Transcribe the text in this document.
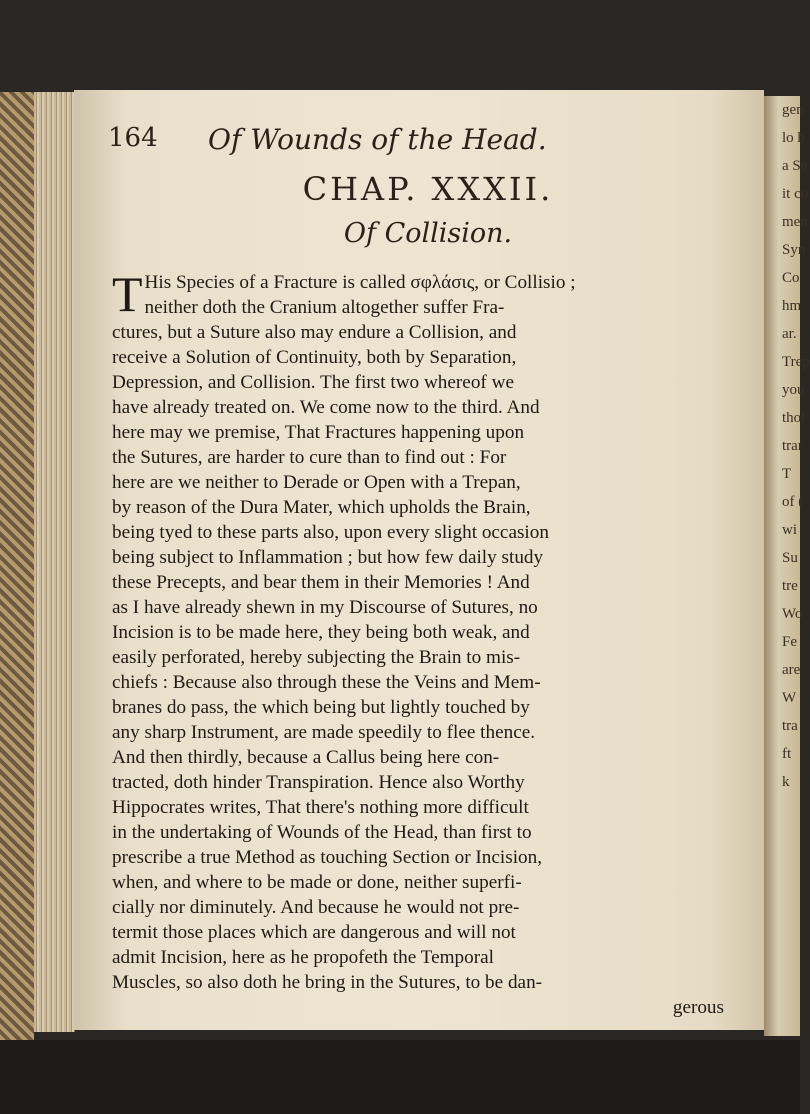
gen
lo h
a Se
it co
men
Syn
Co
hm
ar.
Trep
you
thol
trar
T
of (
wi
Su
tre
Wo
Fe
are
W
tra
ft
k
164 Of Wounds of the Head.
CHAP. XXXII.
Of Collision.
T His Species of a Fracture is called σφλάσις, or Collisio ;
neither doth the Cranium altogether suffer Fra-
ctures, but a Suture also may endure a Collision, and
receive a Solution of Continuity, both by Separation,
Depression, and Collision. The first two whereof we
have already treated on. We come now to the third. And
here may we premise, That Fractures happening upon
the Sutures, are harder to cure than to find out : For
here are we neither to Derade or Open with a Trepan,
by reason of the Dura Mater, which upholds the Brain,
being tyed to these parts also, upon every slight occasion
being subject to Inflammation ; but how few daily study
these Precepts, and bear them in their Memories ! And
as I have already shewn in my Discourse of Sutures, no
Incision is to be made here, they being both weak, and
easily perforated, hereby subjecting the Brain to mis-
chiefs : Because also through these the Veins and Mem-
branes do pass, the which being but lightly touched by
any sharp Instrument, are made speedily to flee thence.
And then thirdly, because a Callus being here con-
tracted, doth hinder Transpiration. Hence also Worthy
Hippocrates writes, That there's nothing more difficult
in the undertaking of Wounds of the Head, than first to
prescribe a true Method as touching Section or Incision,
when, and where to be made or done, neither superfi-
cially nor diminutely. And because he would not pre-
termit those places which are dangerous and will not
admit Incision, here as he propofeth the Temporal
Muscles, so also doth he bring in the Sutures, to be dan-
gerous
